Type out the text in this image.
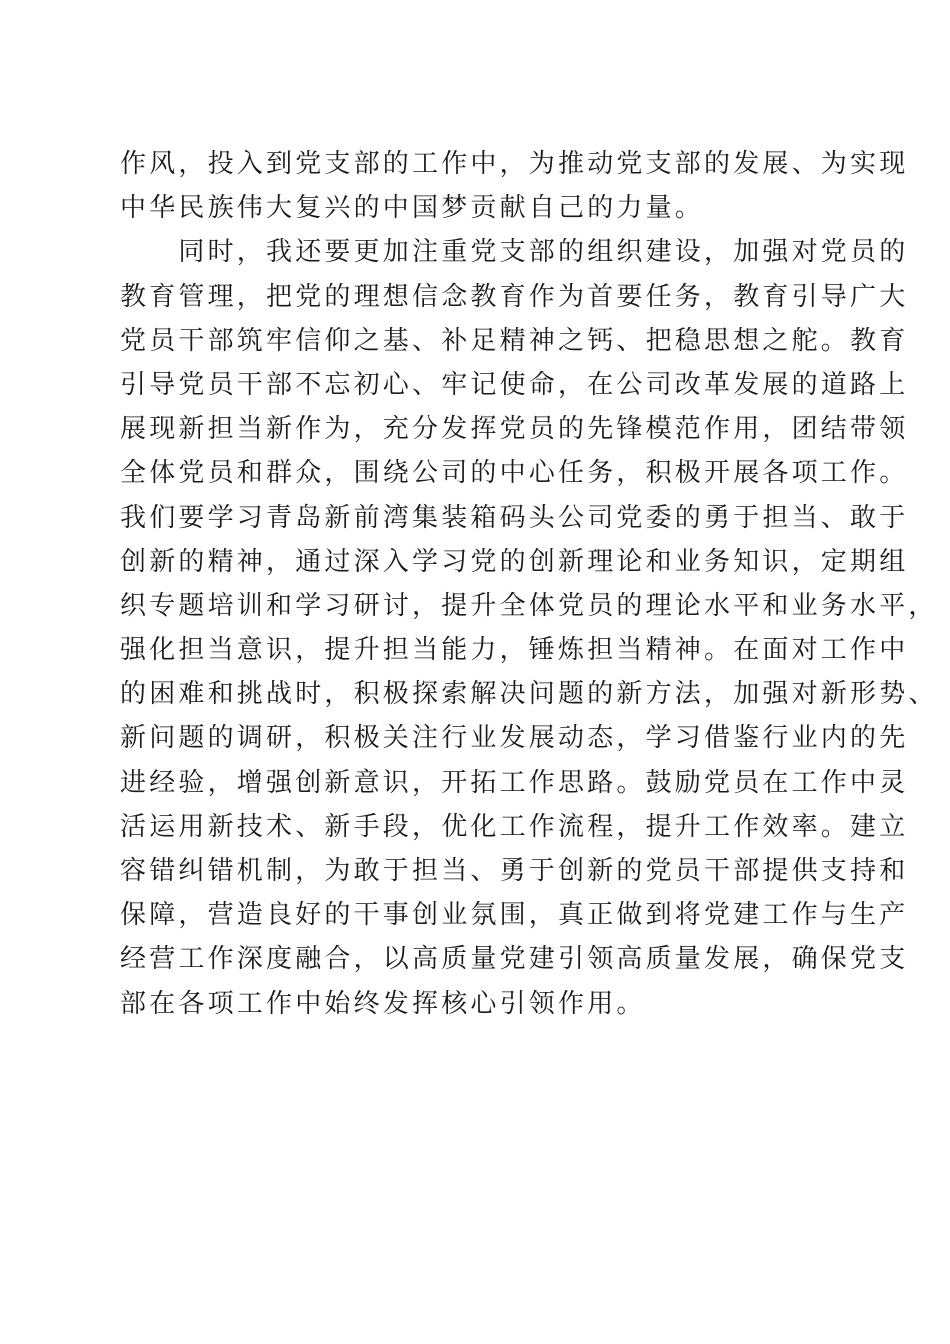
作风，投入到党支部的工作中，为推动党支部的发展、为实现
中华民族伟大复兴的中国梦贡献自己的力量。
　　同时，我还要更加注重党支部的组织建设，加强对党员的
教育管理，把党的理想信念教育作为首要任务，教育引导广大
党员干部筑牢信仰之基、补足精神之钙、把稳思想之舵。教育
引导党员干部不忘初心、牢记使命，在公司改革发展的道路上
展现新担当新作为，充分发挥党员的先锋模范作用，团结带领
全体党员和群众，围绕公司的中心任务，积极开展各项工作。
我们要学习青岛新前湾集装箱码头公司党委的勇于担当、敢于
创新的精神，通过深入学习党的创新理论和业务知识，定期组
织专题培训和学习研讨，提升全体党员的理论水平和业务水平，
强化担当意识，提升担当能力，锤炼担当精神。在面对工作中
的困难和挑战时，积极探索解决问题的新方法，加强对新形势、
新问题的调研，积极关注行业发展动态，学习借鉴行业内的先
进经验，增强创新意识，开拓工作思路。鼓励党员在工作中灵
活运用新技术、新手段，优化工作流程，提升工作效率。建立
容错纠错机制，为敢于担当、勇于创新的党员干部提供支持和
保障，营造良好的干事创业氛围，真正做到将党建工作与生产
经营工作深度融合，以高质量党建引领高质量发展，确保党支
部在各项工作中始终发挥核心引领作用。
